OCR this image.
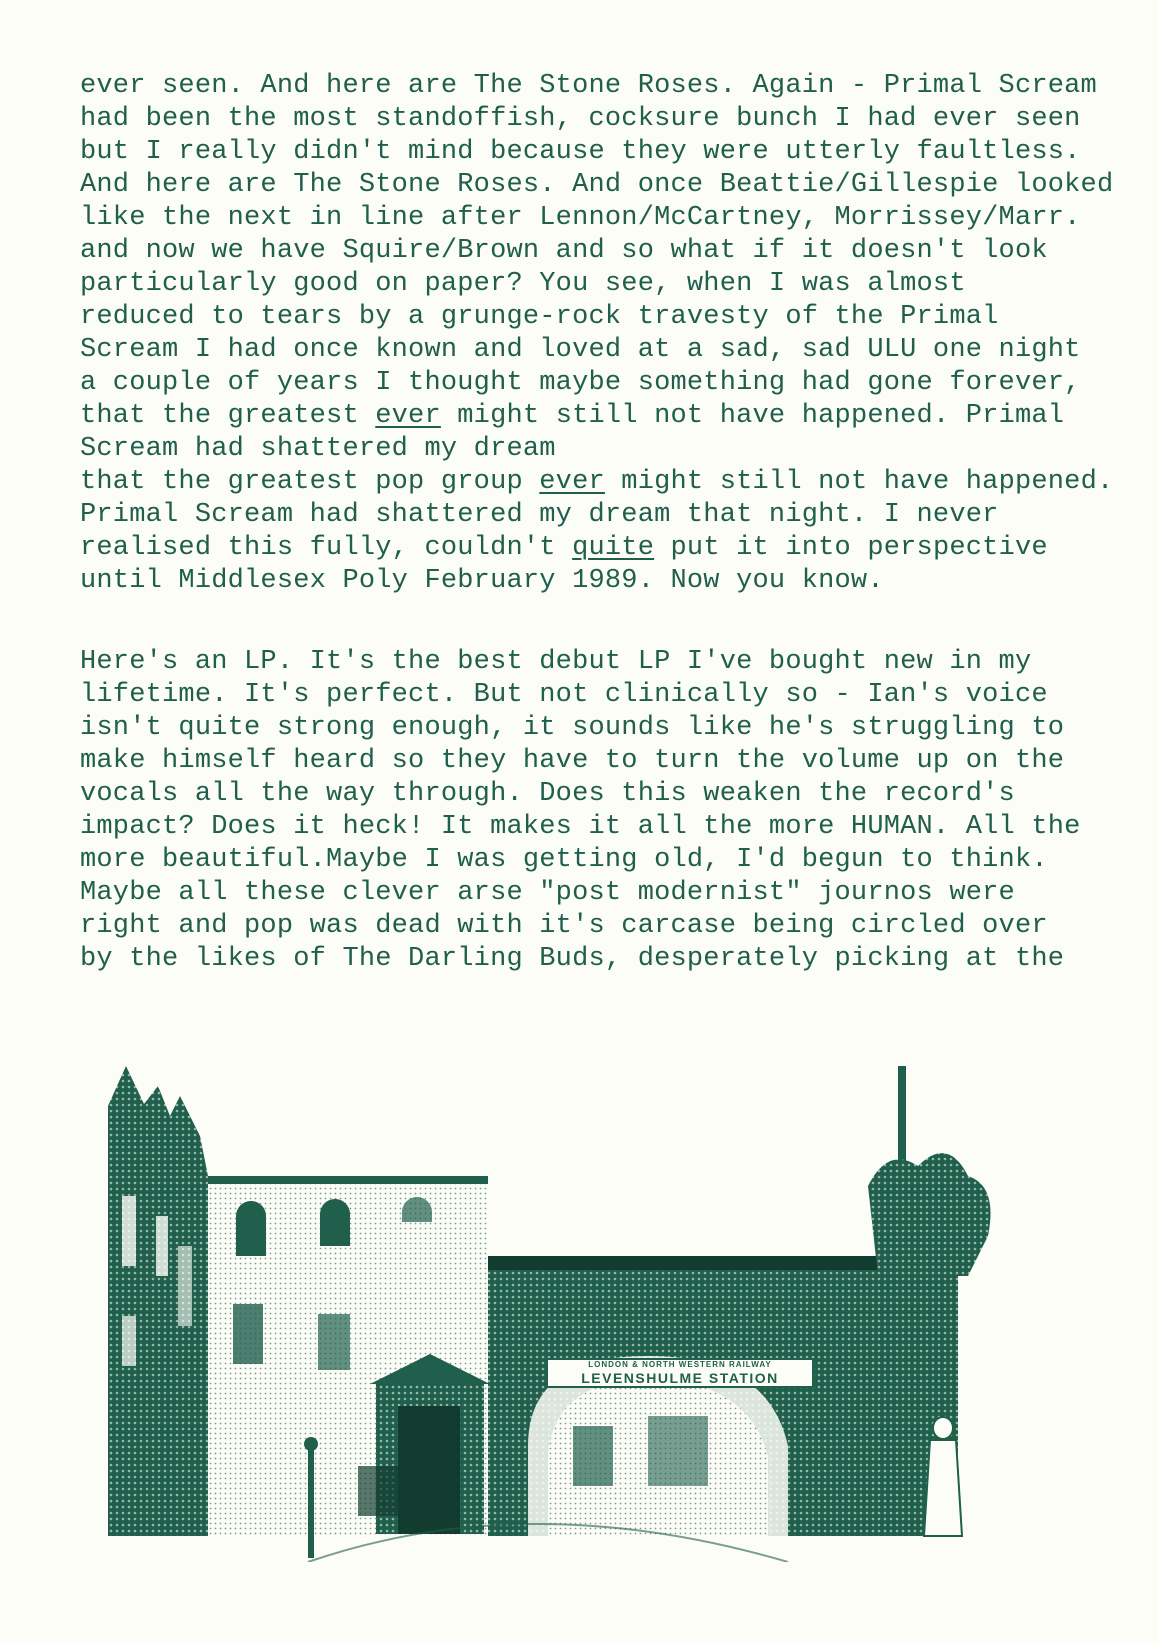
ever seen. And here are The Stone Roses. Again - Primal Scream
had been the most standoffish, cocksure bunch I had ever seen
but I really didn't mind because they were utterly faultless.
And here are The Stone Roses. And once Beattie/Gillespie looked
like the next in line after Lennon/McCartney, Morrissey/Marr.
and now we have Squire/Brown and so what if it doesn't look
particularly good on paper? You see, when I was almost
reduced to tears by a grunge-rock travesty of the Primal
Scream I had once known and loved at a sad, sad ULU one night
a couple of years I thought maybe something had gone forever,
that the greatest ever might still not have happened. Primal
Scream had shattered my dream
that the greatest pop group ever might still not have happened.
Primal Scream had shattered my dream that night. I never
realised this fully, couldn't quite put it into perspective
until Middlesex Poly February 1989. Now you know.
Here's an LP. It's the best debut LP I've bought new in my
lifetime. It's perfect. But not clinically so - Ian's voice
isn't quite strong enough, it sounds like he's struggling to
make himself heard so they have to turn the volume up on the
vocals all the way through. Does this weaken the record's
impact? Does it heck! It makes it all the more HUMAN. All the
more beautiful.Maybe I was getting old, I'd begun to think.
Maybe all these clever arse "post modernist" journos were
right and pop was dead with it's carcase being circled over
by the likes of The Darling Buds, desperately picking at the
LONDON & NORTH WESTERN RAILWAY
LEVENSHULME STATION
